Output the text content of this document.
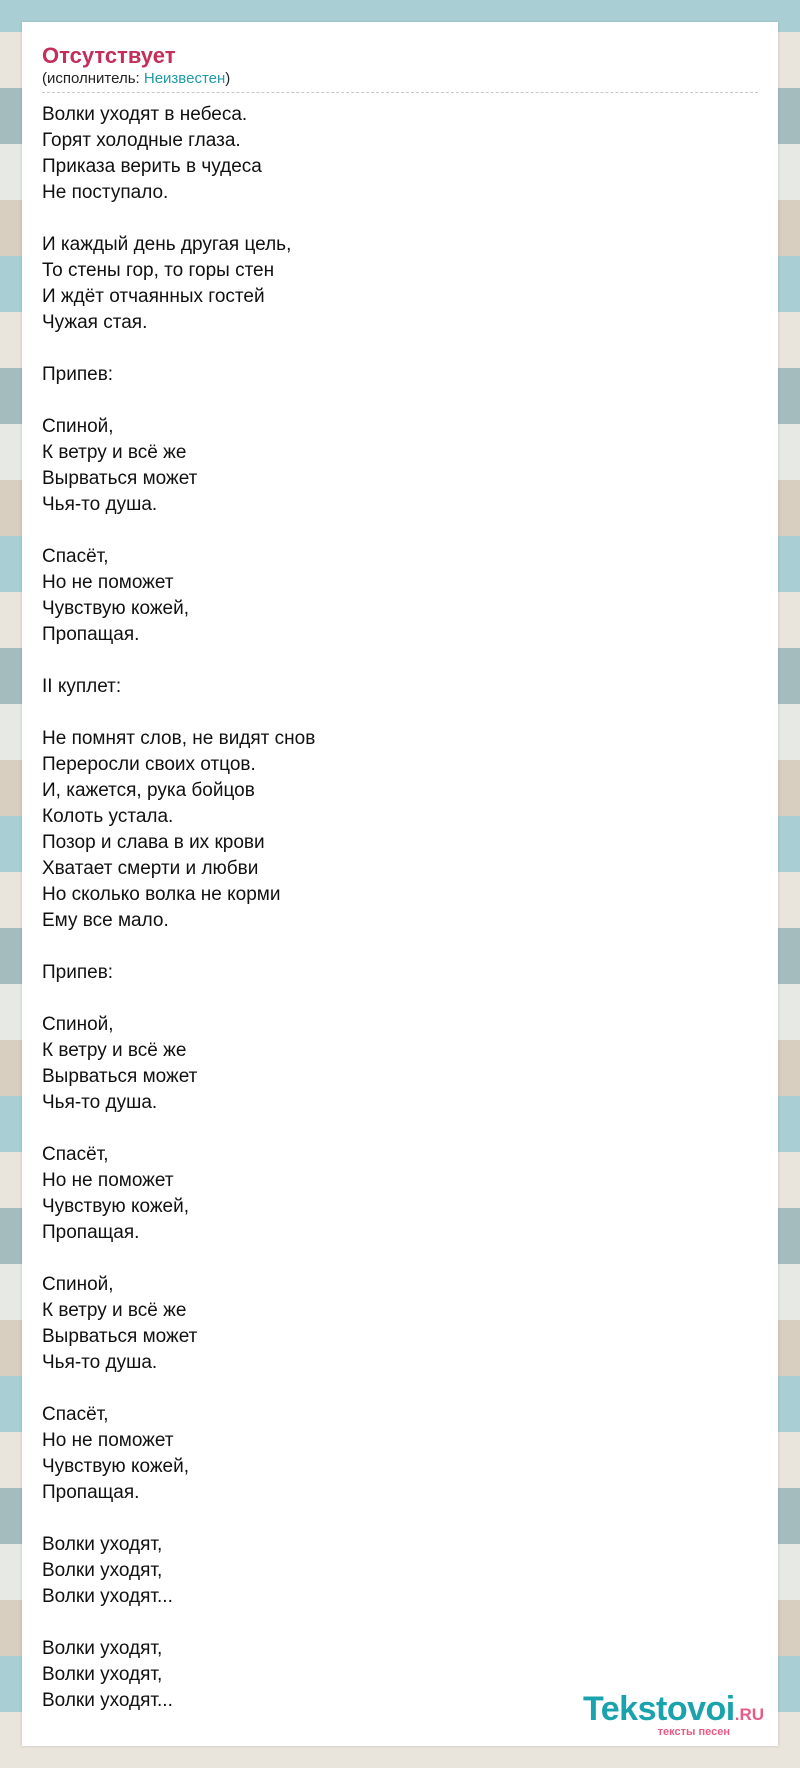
Отсутствует
(исполнитель: Неизвестен)
Волки уходят в небеса.
Горят холодные глаза.
Приказа верить в чудеса
Не поступало.

И каждый день другая цель,
То стены гор, то горы стен
И ждёт отчаянных гостей
Чужая стая.

Припев:

Спиной,
К ветру и всё же
Вырваться может
Чья-то душа.

Спасёт,
Но не поможет
Чувствую кожей,
Пропащая.

II куплет:

Не помнят слов, не видят снов
Переросли своих отцов.
И, кажется, рука бойцов
Колоть устала.
Позор и слава в их крови
Хватает смерти и любви
Но сколько волка не корми
Ему все мало.

Припев:

Спиной,
К ветру и всё же
Вырваться может
Чья-то душа.

Спасёт,
Но не поможет
Чувствую кожей,
Пропащая.

Спиной,
К ветру и всё же
Вырваться может
Чья-то душа.

Спасёт,
Но не поможет
Чувствую кожей,
Пропащая.

Волки уходят,
Волки уходят,
Волки уходят...

Волки уходят,
Волки уходят,
Волки уходят...	Tekstovoi.RU
тексты песен
